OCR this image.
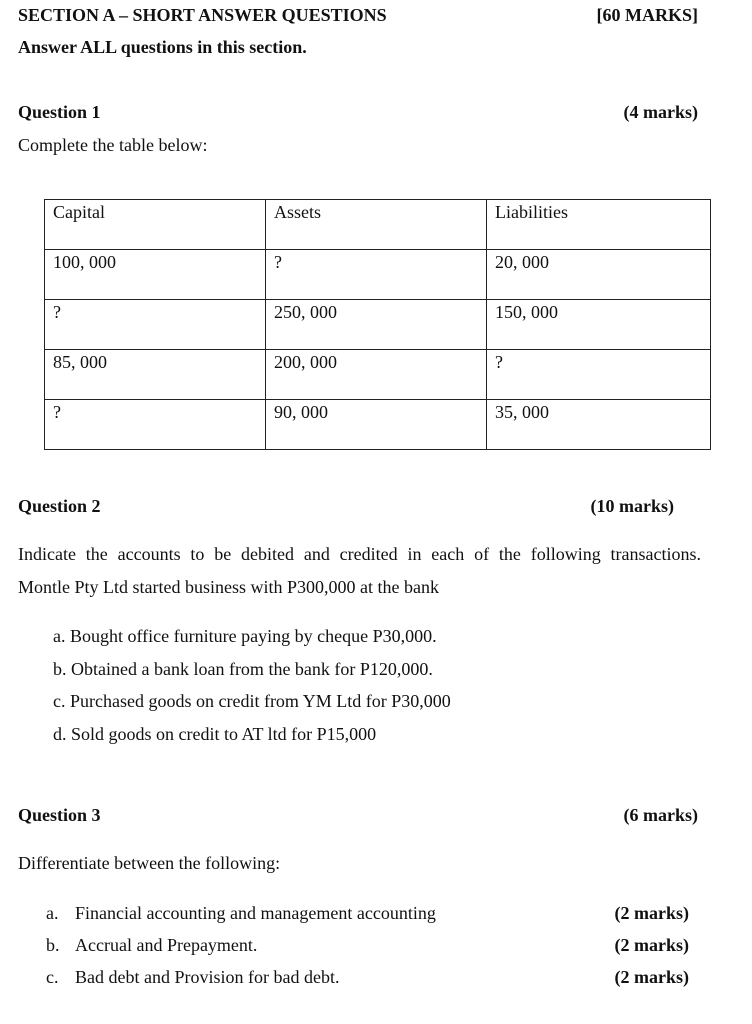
SECTION A – SHORT ANSWER QUESTIONS	[60 MARKS]
Answer ALL questions in this section.
Question 1	(4 marks)
Complete the table below:
Capital	Assets	Liabilities
100, 000	?	20, 000
?	250, 000	150, 000
85, 000	200, 000	?
?	90, 000	35, 000
Question 2	(10 marks)
Indicate the accounts to be debited and credited in each of the following transactions.
Montle Pty Ltd started business with P300,000 at the bank
a. Bought office furniture paying by cheque P30,000.
b. Obtained a bank loan from the bank for P120,000.
c. Purchased goods on credit from YM Ltd for P30,000
d. Sold goods on credit to AT ltd for P15,000
Question 3	(6 marks)
Differentiate between the following:
a. Financial accounting and management accounting	(2 marks)
b. Accrual and Prepayment.	(2 marks)
c. Bad debt and Provision for bad debt.	(2 marks)
